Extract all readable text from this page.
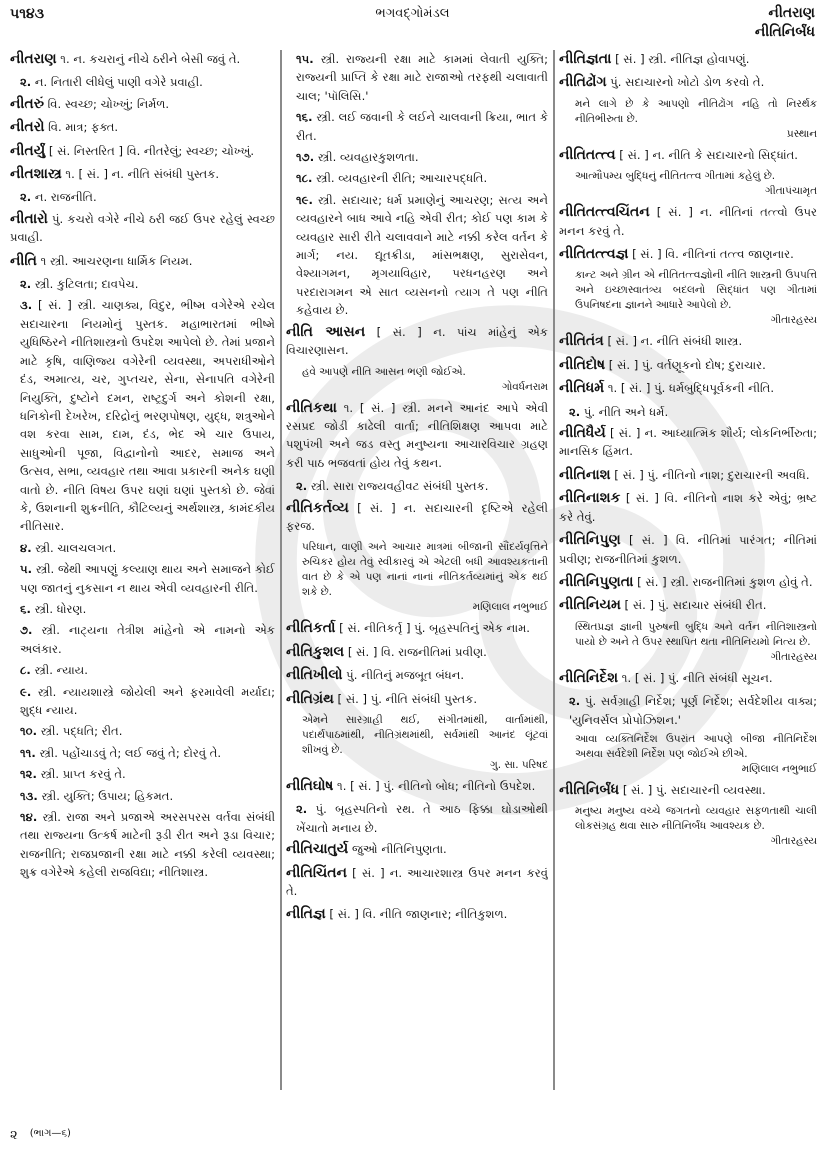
૫૧૪૩	ભગવદ્ગોમંડલ	નીતરાણ
નીતિનિર્બંધ
નીતરાણ ૧. ન. કચરાનું નીચે ઠરીને બેસી જવું તે.
૨. ન. નિતારી લીધેલું પાણી વગેરે પ્રવાહી.
નીતરું વિ. સ્વચ્છ; ચોખ્ખું; નિર્મળ.
નીતરો વિ. માત્ર; ફક્ત.
નીતર્યું [ સં. નિસ્તરિત ] વિ. નીતરેલું; સ્વચ્છ; ચોખ્ખું.
નીતશાસ્ત્ર ૧. [ સં. ] ન. નીતિ સંબંધી પુસ્તક.
૨. ન. રાજનીતિ.
નીતારો પું. કચરો વગેરે નીચે ઠરી જઈ ઉપર રહેલું સ્વચ્છ પ્રવાહી.
નીતિ ૧ સ્ત્રી. આચરણના ધાર્મિક નિયમ.
૨. સ્ત્રી. કુટિલતા; દાવપેચ.
૩. [ સં. ] સ્ત્રી. ચાણક્ય, વિદુર, ભીષ્મ વગેરેએ રચેલ સદાચારના નિયમોનું પુસ્તક. મહાભારતમાં ભીષ્મે યુધિષ્ઠિરને નીતિશાસ્ત્રનો ઉપદેશ આપેલો છે. તેમાં પ્રજાને માટે કૃષિ, વાણિજ્ય વગેરેની વ્યવસ્થા, અપરાધીઓને દંડ, અમાત્ય, ચર, ગુપ્તચર, સેના, સેનાપતિ વગેરેની નિયુક્તિ, દુષ્ટોને દમન, રાષ્ટ્રદુર્ગ અને કોશની રક્ષા, ધનિકોની દેખરેખ, દરિદ્રોનું ભરણપોષણ, યુદ્ધ, શત્રુઓને વશ કરવા સામ, દામ, દંડ, ભેદ એ ચાર ઉપાય, સાધુઓની પૂજા, વિદ્વાનોનો આદર, સમાજ અને ઉત્સવ, સભા, વ્યવહાર તથા આવા પ્રકારની અનેક ઘણી વાતો છે. નીતિ વિષય ઉપર ઘણાં ઘણાં પુસ્તકો છે. જેવાં કે, ઉશનાની શુક્રનીતિ, કૌટિલ્યનું અર્થશાસ્ત્ર, કામંદકીય નીતિસાર.
૪. સ્ત્રી. ચાલચલગત.
૫. સ્ત્રી. જેથી આપણું કલ્યાણ થાય અને સમાજને કોઈ પણ જાતનું નુકસાન ન થાય એવી વ્યવહારની રીતિ.
૬. સ્ત્રી. ધોરણ.
૭. સ્ત્રી. નાટ્યના તેત્રીશ માંહેનો એ નામનો એક અલંકાર.
૮. સ્ત્રી. ન્યાય.
૯. સ્ત્રી. ન્યાયશાસ્ત્રે જોયેલી અને ફરમાવેલી મર્યાદા; શુદ્ધ ન્યાય.
૧૦. સ્ત્રી. પદ્ધતિ; રીત.
૧૧. સ્ત્રી. પહોંચાડવું તે; લઈ જવું તે; દોરવું તે.
૧૨. સ્ત્રી. પ્રાપ્ત કરવું તે.
૧૩. સ્ત્રી. યુક્તિ; ઉપાય; હિકમત.
૧૪. સ્ત્રી. રાજા અને પ્રજાએ અરસપરસ વર્તવા સંબંધી તથા રાજ્યના ઉત્કર્ષ માટેની રૂડી રીત અને રૂડા વિચાર; રાજનીતિ; રાજપ્રજાની રક્ષા માટે નક્કી કરેલી વ્યવસ્થા; શુક્ર વગેરેએ કહેલી રાજવિદ્યા; નીતિશાસ્ત્ર.
૧૫. સ્ત્રી. રાજ્યની રક્ષા માટે કામમાં લેવાતી યુક્તિ; રાજ્યની પ્રાપ્તિ કે રક્ષા માટે રાજાઓ તરફથી ચલાવાતી ચાલ; 'પૉલિસિ.'
૧૬. સ્ત્રી. લઈ જવાની કે લઈને ચાલવાની ક્રિયા, ભાત કે રીત.
૧૭. સ્ત્રી. વ્યવહારકુશળતા.
૧૮. સ્ત્રી. વ્યવહારની રીતિ; આચારપદ્ધતિ.
૧૯. સ્ત્રી. સદાચાર; ધર્મ પ્રમાણેનું આચરણ; સત્ય અને વ્યવહારને બાધ આવે નહિ એવી રીત; કોઈ પણ કામ કે વ્યવહાર સારી રીતે ચલાવવાને માટે નક્કી કરેલ વર્તન કે માર્ગ; નય. દ્યૂતક્રીડા, માંસભક્ષણ, સુરાસેવન, વેશ્યાગમન, મૃગયાવિહાર, પરધનહરણ અને પરદારાગમન એ સાત વ્યસનનો ત્યાગ તે પણ નીતિ કહેવાય છે.
નીતિ આસન [ સં. ] ન. પાંચ માંહેનું એક વિચારણાસન.
હવે આપણે નીતિ આસન ભણી જોઈએ.
ગોવર્ધનરામ
નીતિકથા ૧. [ સં. ] સ્ત્રી. મનને આનંદ આપે એવી રસપ્રદ જોડી કાઢેલી વાર્તા; નીતિશિક્ષણ આપવા માટે પશુપંખી અને જડ વસ્તુ મનુષ્યના આચારવિચાર ગ્રહણ કરી પાઠ ભજવતાં હોય તેવું કથન.
૨. સ્ત્રી. સારા રાજ્યવહીવટ સંબંધી પુસ્તક.
નીતિકર્તવ્ય [ સં. ] ન. સદાચારની દૃષ્ટિએ રહેલી ફરજ.
પરિધાન, વાણી અને આચાર માત્રમાં બીજાની સૌંદર્યવૃત્તિને રુચિકર હોય તેવું સ્વીકારવું એ એટલી બધી આવશ્યકતાની વાત છે કે એ પણ નાનાં નાનાં નીતિકર્તવ્યમાંનું એક થઈ શકે છે.
મણિલાલ નભુભાઈ
નીતિકર્તા [ સં. નીતિકર્તૃ ] પું. બૃહસ્પતિનું એક નામ.
નીતિકુશલ [ સં. ] વિ. રાજનીતિમાં પ્રવીણ.
નીતિખીલો પું. નીતિનું મજબૂત બંધન.
નીતિગ્રંથ [ સં. ] પું. નીતિ સંબંધી પુસ્તક.
એમને સારગ્રાહી થઈ, સંગીતમાંથી, વાર્તામાંથી, પદાર્થપાઠમાંથી, નીતિગ્રંથમાંથી, સર્વમાંથી આનંદ લૂંટવાં શીખવું છે.
ગુ. સા. પરિષદ
નીતિઘોષ ૧. [ સં. ] પું. નીતિનો બોધ; નીતિનો ઉપદેશ.
૨. પું. બૃહસ્પતિનો રથ. તે આઠ ફિક્કા ઘોડાઓથી ખેંચાતો મનાય છે.
નીતિચાતુર્ય જુઓ નીતિનિપુણતા.
નીતિચિંતન [ સં. ] ન. આચારશાસ્ત્ર ઉપર મનન કરવું તે.
નીતિજ્ઞ [ સં. ] વિ. નીતિ જાણનાર; નીતિકુશળ.
નીતિજ્ઞતા [ સં. ] સ્ત્રી. નીતિજ્ઞ હોવાપણું.
નીતિઢોંગ પું. સદાચારનો ખોટો ડોળ કરવો તે.
મને લાગે છે કે આપણો નીતિઢોંગ નહિ તો નિરર્થક નીતિભીરુતા છે.
પ્રસ્થાન
નીતિતત્ત્વ [ સં. ] ન. નીતિ કે સદાચારનો સિદ્ધાંત.
આત્મૌપમ્ય બુદ્ધિનું નીતિતત્ત્વ ગીતામાં કહેલું છે.
ગીતાપંચામૃત
નીતિતત્ત્વચિંતન [ સં. ] ન. નીતિનાં તત્ત્વો ઉપર મનન કરવું તે.
નીતિતત્ત્વજ્ઞ [ સં. ] વિ. નીતિનાં તત્ત્વ જાણનાર.
કાન્ટ અને ગ્રીન એ નીતિતત્ત્વજ્ઞોની નીતિ શાસ્ત્રની ઉપપત્તિ અને ઇચ્છાસ્વાતંત્ર્ય બદલનો સિદ્ધાંત પણ ગીતામાં ઉપનિષદના જ્ઞાનને આધારે આપેલો છે.
ગીતારહસ્ય
નીતિતંત્ર [ સં. ] ન. નીતિ સંબંધી શાસ્ત્ર.
નીતિદોષ [ સં. ] પું. વર્તણૂકનો દોષ; દુરાચાર.
નીતિધર્મ ૧. [ સં. ] પું. ધર્મબુદ્ધિપૂર્વકની નીતિ.
૨. પું. નીતિ અને ધર્મ.
નીતિધૈર્ય [ સં. ] ન. આધ્યાત્મિક શૌર્ય; લોકનિર્ભીરુતા; માનસિક હિંમત.
નીતિનાશ [ સં. ] પું. નીતિનો નાશ; દુરાચારની અવધિ.
નીતિનાશક [ સં. ] વિ. નીતિનો નાશ કરે એવું; ભ્રષ્ટ કરે તેવું.
નીતિનિપુણ [ સં. ] વિ. નીતિમાં પારંગત; નીતિમાં પ્રવીણ; રાજનીતિમાં કુશળ.
નીતિનિપુણતા [ સં. ] સ્ત્રી. રાજનીતિમાં કુશળ હોવું તે.
નીતિનિયમ [ સં. ] પું. સદાચાર સંબંધી રીત.
સ્થિતપ્રજ્ઞ જ્ઞાની પુરુષની બુદ્ધિ અને વર્તન નીતિશાસ્ત્રનો પાયો છે અને તે ઉપર સ્થાપિત થતા નીતિનિયમો નિત્ય છે.
ગીતારહસ્ય
નીતિનિર્દેશ ૧. [ સં. ] પું. નીતિ સંબંધી સૂચન.
૨. પું. સર્વગ્રાહી નિર્દેશ; પૂર્ણ નિર્દેશ; સર્વદેશીય વાક્ય; 'યુનિવર્સલ પ્રોપોઝિશન.'
આવા વ્યક્તિનિર્દેશ ઉપરાંત આપણે બીજા નીતિનિર્દેશ અથવા સર્વદેશી નિર્દેશ પણ જોઈએ છીએ.
મણિલાલ નભુભાઈ
નીતિનિર્બંધ [ સં. ] પું. સદાચારની વ્યવસ્થા.
મનુષ્ય મનુષ્ય વચ્ચે જગતનો વ્યવહાર સફળતાથી ચાલી લોકસંગ્રહ થવા સારુ નીતિનિર્બંધ આવશ્યક છે.
ગીતારહસ્ય
૨ $^{(ભાગ—૬)}$
